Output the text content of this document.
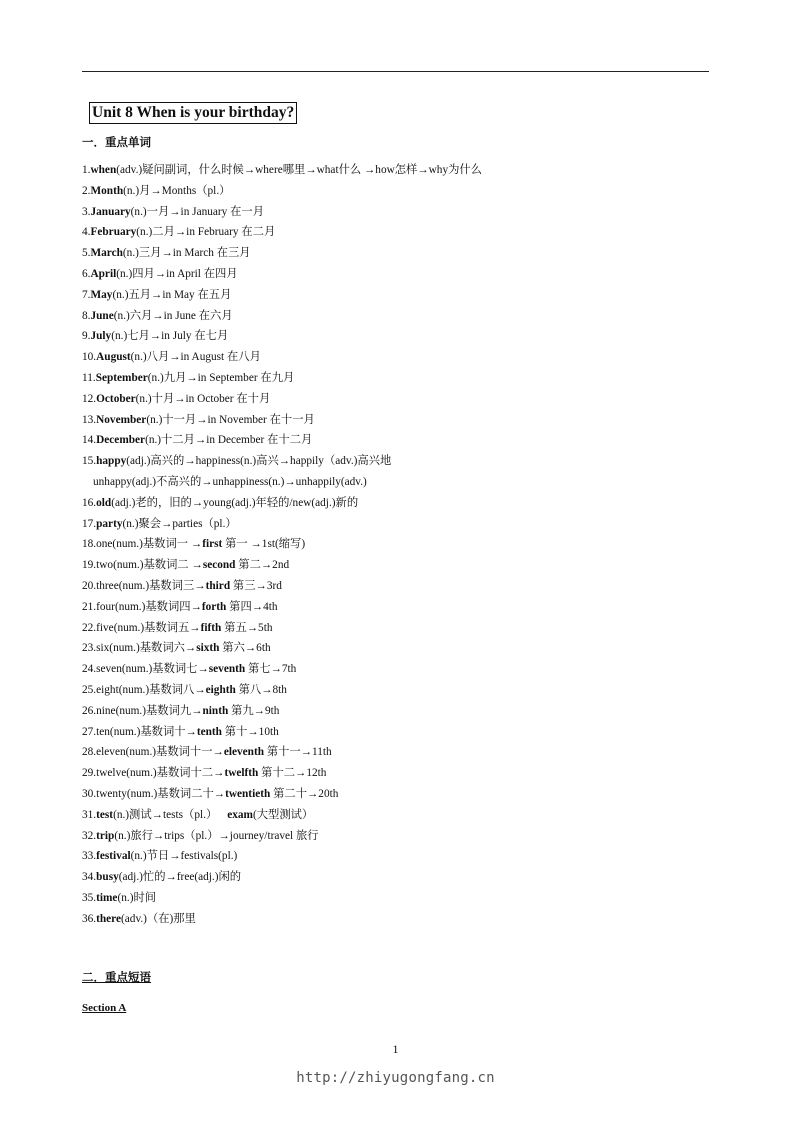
Unit 8 When is your birthday?
一．重点单词
1.when(adv.)疑问副词，什么时候→where哪里→what什么 →how怎样→why为什么
2.Month(n.)月→Months（pl.）
3.January(n.)一月→in January 在一月
4.February(n.)二月→in February 在二月
5.March(n.)三月→in March 在三月
6.April(n.)四月→in April 在四月
7.May(n.)五月→in May 在五月
8.June(n.)六月→in June 在六月
9.July(n.)七月→in July 在七月
10.August(n.)八月→in August 在八月
11.September(n.)九月→in September 在九月
12.October(n.)十月→in October 在十月
13.November(n.)十一月→in November 在十一月
14.December(n.)十二月→in December 在十二月
15.happy(adj.)高兴的→happiness(n.)高兴→happily（adv.)高兴地
unhappy(adj.)不高兴的→unhappiness(n.)→unhappily(adv.)
16.old(adj.)老的，旧的→young(adj.)年轻的/new(adj.)新的
17.party(n.)聚会→parties（pl.）
18.one(num.)基数词一 →first 第一 →1st(缩写)
19.two(num.)基数词二 →second 第二→2nd
20.three(num.)基数词三→third 第三→3rd
21.four(num.)基数词四→forth 第四→4th
22.five(num.)基数词五→fifth 第五→5th
23.six(num.)基数词六→sixth 第六→6th
24.seven(num.)基数词七→seventh 第七→7th
25.eight(num.)基数词八→eighth 第八→8th
26.nine(num.)基数词九→ninth 第九→9th
27.ten(num.)基数词十→tenth 第十→10th
28.eleven(num.)基数词十一→eleventh 第十一→11th
29.twelve(num.)基数词十二→twelfth 第十二→12th
30.twenty(num.)基数词二十→twentieth 第二十→20th
31.test(n.)测试→tests（pl.） exam(大型测试）
32.trip(n.)旅行→trips（pl.）→journey/travel 旅行
33.festival(n.)节日→festivals(pl.)
34.busy(adj.)忙的→free(adj.)闲的
35.time(n.)时间
36.there(adv.)（在)那里
二．重点短语
Section A
1
http://zhiyugongfang.cn
